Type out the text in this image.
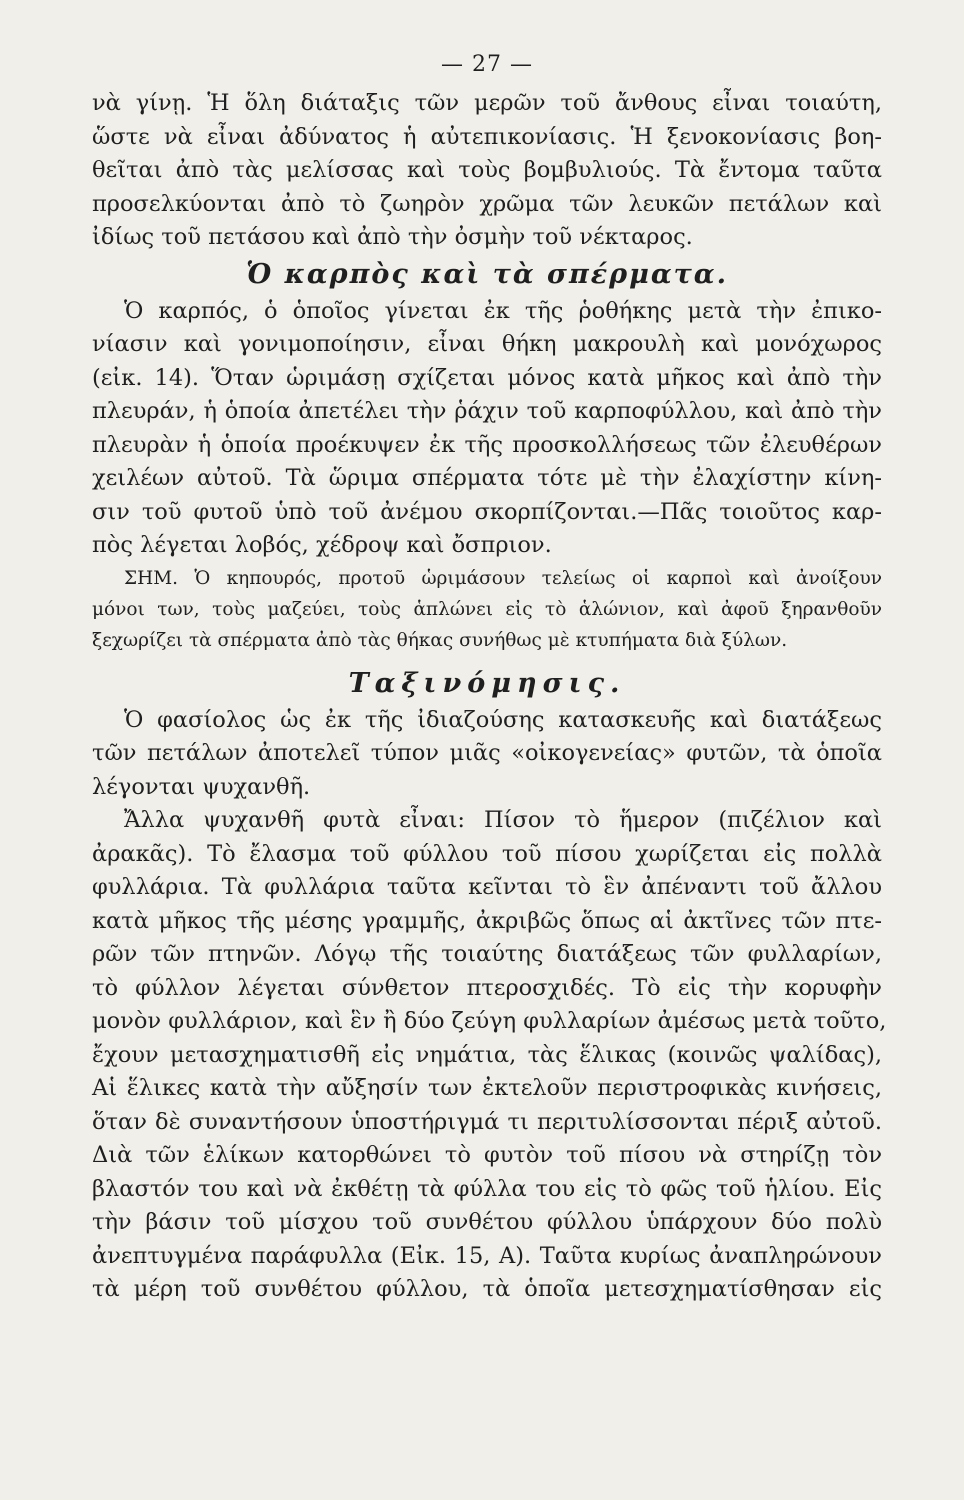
— 27 —
νὰ γίνῃ. Ἡ ὅλη διάταξις τῶν μερῶν τοῦ ἄνθους εἶναι τοιαύτη,
ὥστε νὰ εἶναι ἀδύνατος ἡ αὐτεπικονίασις. Ἡ ξενοκονίασις βοη-
θεῖται ἀπὸ τὰς μελίσσας καὶ τοὺς βομβυλιούς. Τὰ ἔντομα ταῦτα
προσελκύονται ἀπὸ τὸ ζωηρὸν χρῶμα τῶν λευκῶν πετάλων καὶ
ἰδίως τοῦ πετάσου καὶ ἀπὸ τὴν ὀσμὴν τοῦ νέκταρος.
Ὁ καρπὸς καὶ τὰ σπέρματα.
Ὁ καρπός, ὁ ὁποῖος γίνεται ἐκ τῆς ῥοθήκης μετὰ τὴν ἐπικο-
νίασιν καὶ γονιμοποίησιν, εἶναι θήκη μακρουλὴ καὶ μονόχωρος
(εἰκ. 14). Ὅταν ὡριμάσῃ σχίζεται μόνος κατὰ μῆκος καὶ ἀπὸ τὴν
πλευράν, ἡ ὁποία ἀπετέλει τὴν ῥάχιν τοῦ καρποφύλλου, καὶ ἀπὸ τὴν
πλευρὰν ἡ ὁποία προέκυψεν ἐκ τῆς προσκολλήσεως τῶν ἐλευθέρων
χειλέων αὐτοῦ. Τὰ ὥριμα σπέρματα τότε μὲ τὴν ἐλαχίστην κίνη-
σιν τοῦ φυτοῦ ὑπὸ τοῦ ἀνέμου σκορπίζονται.—Πᾶς τοιοῦτος καρ-
πὸς λέγεται λοβός, χέδροψ καὶ ὄσπριον.
ΣΗΜ. Ὁ κηπουρός, προτοῦ ὡριμάσουν τελείως οἱ καρποὶ καὶ ἀνοίξουν
μόνοι των, τοὺς μαζεύει, τοὺς ἁπλώνει εἰς τὸ ἁλώνιον, καὶ ἀφοῦ ξηρανθοῦν
ξεχωρίζει τὰ σπέρματα ἀπὸ τὰς θήκας συνήθως μὲ κτυπήματα διὰ ξύλων.
Ταξινόμησις.
Ὁ φασίολος ὡς ἐκ τῆς ἰδιαζούσης κατασκευῆς καὶ διατάξεως
τῶν πετάλων ἀποτελεῖ τύπον μιᾶς «οἰκογενείας» φυτῶν, τὰ ὁποῖα
λέγονται ψυχανθῆ.
Ἄλλα ψυχανθῆ φυτὰ εἶναι: Πίσον τὸ ἥμερον (πιζέλιον καὶ
ἀρακᾶς). Τὸ ἔλασμα τοῦ φύλλου τοῦ πίσου χωρίζεται εἰς πολλὰ
φυλλάρια. Τὰ φυλλάρια ταῦτα κεῖνται τὸ ἓν ἀπέναντι τοῦ ἄλλου
κατὰ μῆκος τῆς μέσης γραμμῆς, ἀκριβῶς ὅπως αἱ ἀκτῖνες τῶν πτε-
ρῶν τῶν πτηνῶν. Λόγῳ τῆς τοιαύτης διατάξεως τῶν φυλλαρίων,
τὸ φύλλον λέγεται σύνθετον πτεροσχιδές. Τὸ εἰς τὴν κορυφὴν
μονὸν φυλλάριον, καὶ ἓν ἢ δύο ζεύγη φυλλαρίων ἀμέσως μετὰ τοῦτο,
ἔχουν μετασχηματισθῆ εἰς νημάτια, τὰς ἕλικας (κοινῶς ψαλίδας),
Αἱ ἕλικες κατὰ τὴν αὔξησίν των ἐκτελοῦν περιστροφικὰς κινήσεις,
ὅταν δὲ συναντήσουν ὑποστήριγμά τι περιτυλίσσονται πέριξ αὐτοῦ.
Διὰ τῶν ἑλίκων κατορθώνει τὸ φυτὸν τοῦ πίσου νὰ στηρίζῃ τὸν
βλαστόν του καὶ νὰ ἐκθέτῃ τὰ φύλλα του εἰς τὸ φῶς τοῦ ἡλίου. Εἰς
τὴν βάσιν τοῦ μίσχου τοῦ συνθέτου φύλλου ὑπάρχουν δύο πολὺ
ἀνεπτυγμένα παράφυλλα (Εἰκ. 15, Α). Ταῦτα κυρίως ἀναπληρώνουν
τὰ μέρη τοῦ συνθέτου φύλλου, τὰ ὁποῖα μετεσχηματίσθησαν εἰς
